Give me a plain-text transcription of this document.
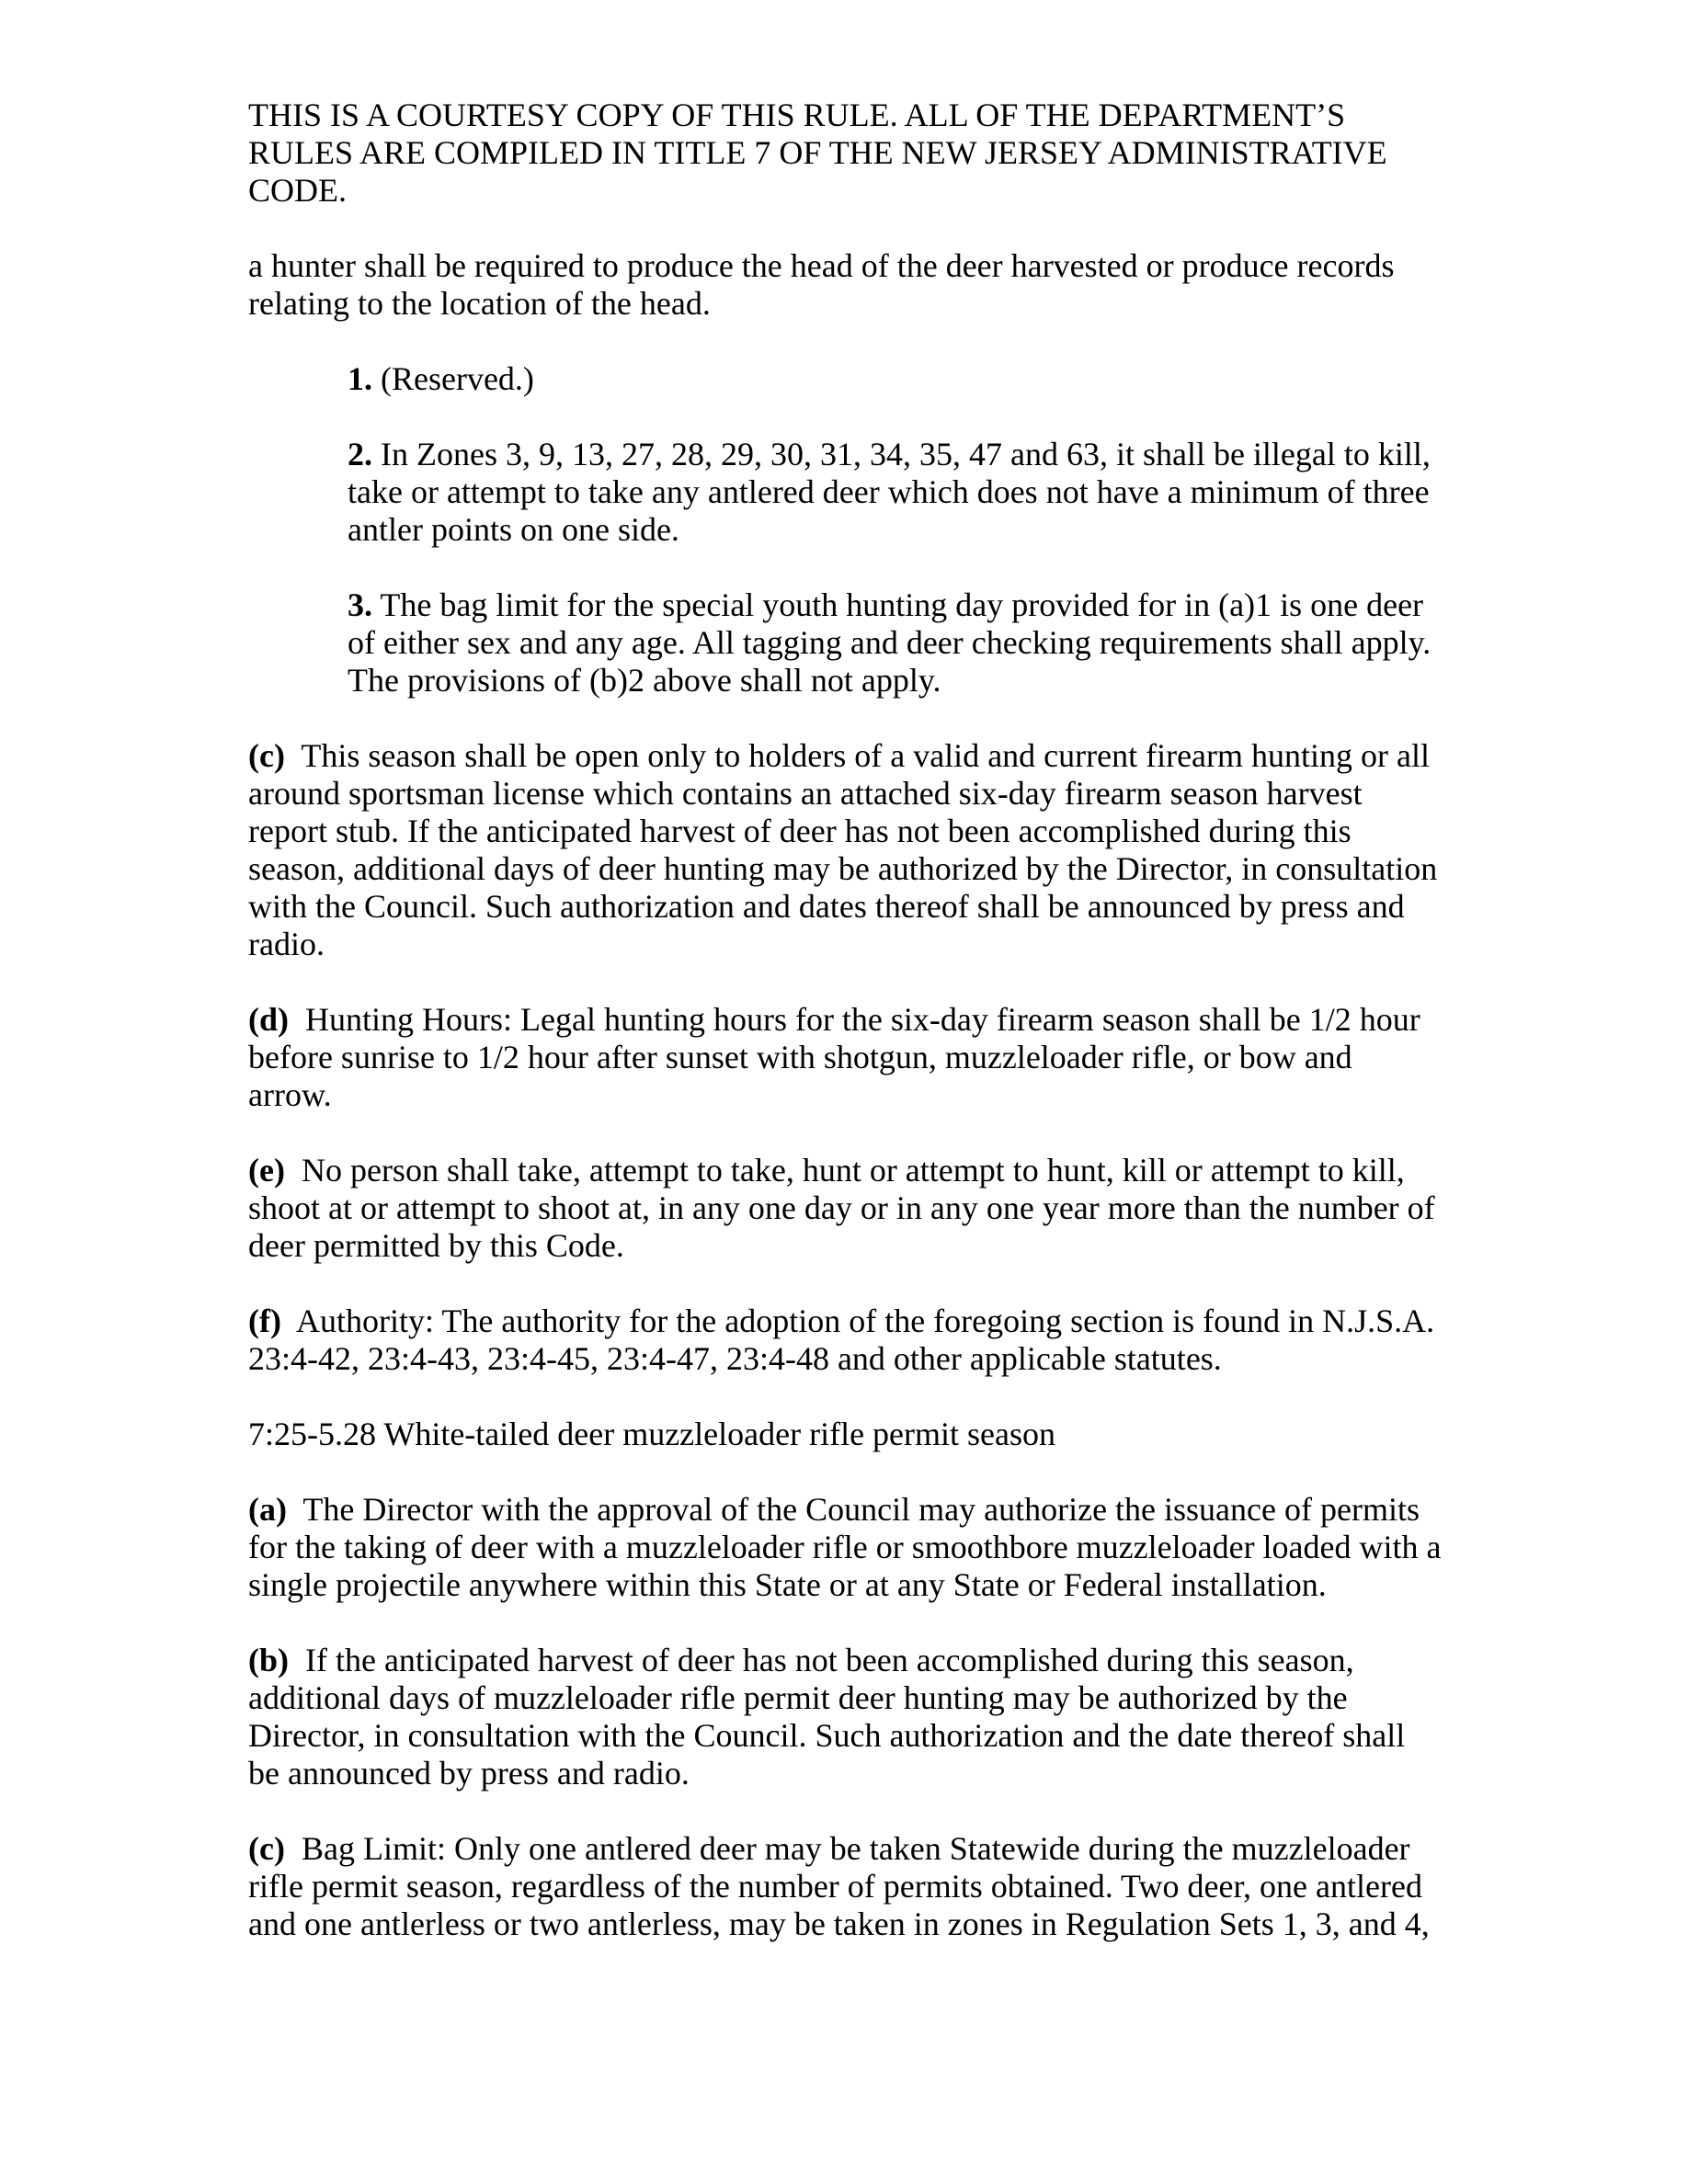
THIS IS A COURTESY COPY OF THIS RULE. ALL OF THE DEPARTMENT’S RULES ARE COMPILED IN TITLE 7 OF THE NEW JERSEY ADMINISTRATIVE CODE.

a hunter shall be required to produce the head of the deer harvested or produce records relating to the location of the head.

1. (Reserved.)

2. In Zones 3, 9, 13, 27, 28, 29, 30, 31, 34, 35, 47 and 63, it shall be illegal to kill, take or attempt to take any antlered deer which does not have a minimum of three antler points on one side.

3. The bag limit for the special youth hunting day provided for in (a)1 is one deer of either sex and any age. All tagging and deer checking requirements shall apply. The provisions of (b)2 above shall not apply.

(c) This season shall be open only to holders of a valid and current firearm hunting or all around sportsman license which contains an attached six-day firearm season harvest report stub. If the anticipated harvest of deer has not been accomplished during this season, additional days of deer hunting may be authorized by the Director, in consultation with the Council. Such authorization and dates thereof shall be announced by press and radio.

(d) Hunting Hours: Legal hunting hours for the six-day firearm season shall be 1/2 hour before sunrise to 1/2 hour after sunset with shotgun, muzzleloader rifle, or bow and arrow.

(e) No person shall take, attempt to take, hunt or attempt to hunt, kill or attempt to kill, shoot at or attempt to shoot at, in any one day or in any one year more than the number of deer permitted by this Code.

(f) Authority: The authority for the adoption of the foregoing section is found in N.J.S.A. 23:4-42, 23:4-43, 23:4-45, 23:4-47, 23:4-48 and other applicable statutes.

7:25-5.28 White-tailed deer muzzleloader rifle permit season

(a) The Director with the approval of the Council may authorize the issuance of permits for the taking of deer with a muzzleloader rifle or smoothbore muzzleloader loaded with a single projectile anywhere within this State or at any State or Federal installation.

(b) If the anticipated harvest of deer has not been accomplished during this season, additional days of muzzleloader rifle permit deer hunting may be authorized by the Director, in consultation with the Council. Such authorization and the date thereof shall be announced by press and radio.

(c) Bag Limit: Only one antlered deer may be taken Statewide during the muzzleloader rifle permit season, regardless of the number of permits obtained. Two deer, one antlered and one antlerless or two antlerless, may be taken in zones in Regulation Sets 1, 3, and 4,
